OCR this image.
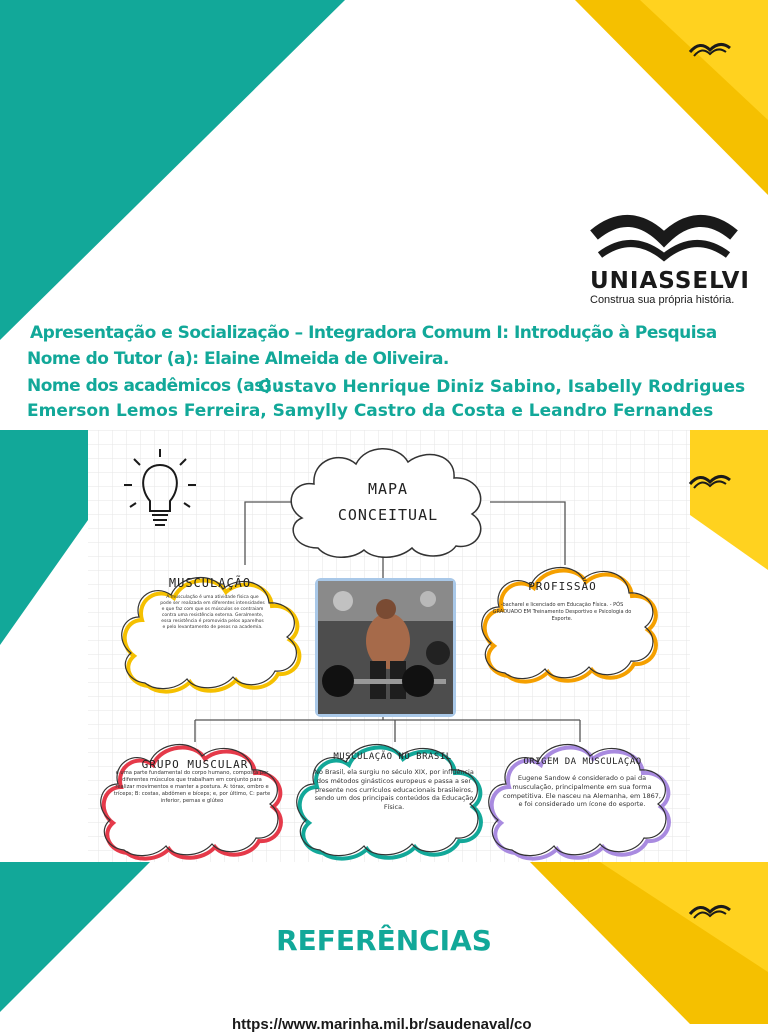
UNIASSELVI
Construa sua própria história.
Apresentação e Socialização – Integradora Comum I: Introdução à Pesquisa
Nome do Tutor (a): Elaine Almeida de Oliveira.
Nome dos acadêmicos (as) :
Gustavo Henrique Diniz Sabino, Isabelly Rodrigues
Emerson Lemos Ferreira, Samylly Castro da Costa e Leandro Fernandes
MAPA
CONCEITUAL
MUSCULAÇÃO
A musculação é uma atividade física que pode ser realizada em diferentes intensidades e que faz com que os músculos se contraiam contra uma resistência externa. Geralmente, essa resistência é promovida pelos aparelhos e pelo levantamento de pesos na academia.
PROFISSÃO
-bacharel e licenciado em Educação Física. - PÓS GRADUADO EM Treinamento Desportivo e Psicologia do Esporte.
GRUPO MUSCULAR
é uma parte fundamental do corpo humano, composta por diferentes músculos que trabalham em conjunto para realizar movimentos e manter a postura. A: tórax, ombro e tríceps; B: costas, abdômen e bíceps; e, por último, C: parte inferior, pernas e glúteo
MUSCULAÇÃO NO BRASIL
No Brasil, ela surgiu no século XIX, por influência dos métodos ginásticos europeus e passa a ser presente nos currículos educacionais brasileiros, sendo um dos principais conteúdos da Educação Física.
ORIGEM DA MUSCULAÇÃO
Eugene Sandow é considerado o pai da musculação, principalmente em sua forma competitiva. Ele nasceu na Alemanha, em 1867, e foi considerado um ícone do esporte.
REFERÊNCIAS
https://www.marinha.mil.br/saudenaval/co
